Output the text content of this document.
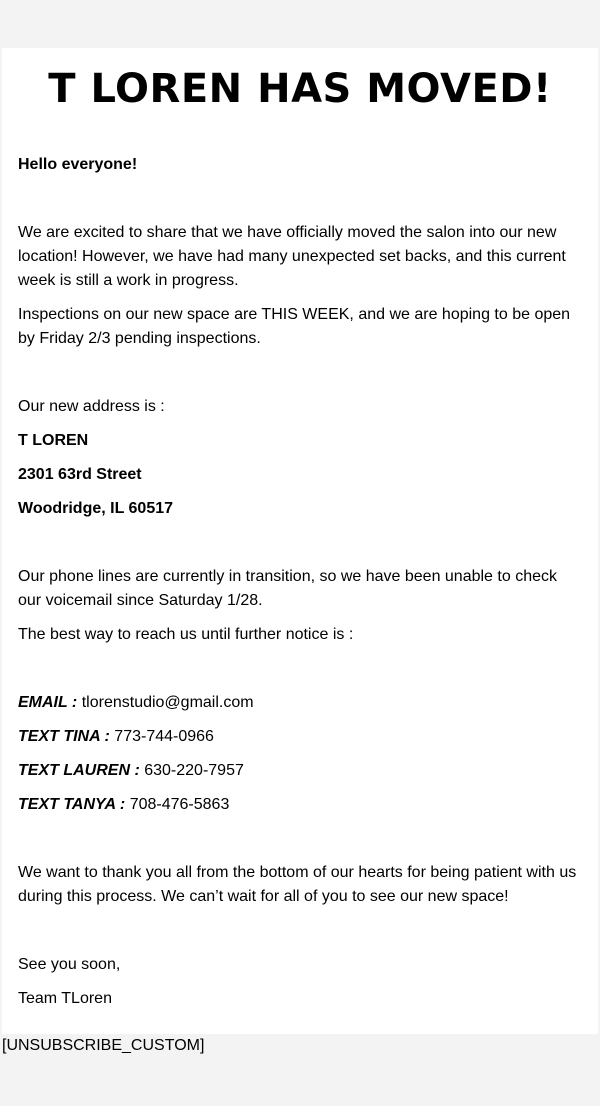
T LOREN HAS MOVED!

Hello everyone!

We are excited to share that we have officially moved the salon into our new location! However, we have had many unexpected set backs, and this current week is still a work in progress.

Inspections on our new space are THIS WEEK, and we are hoping to be open by Friday 2/3 pending inspections.

Our new address is :

T LOREN

2301 63rd Street

Woodridge, IL 60517

Our phone lines are currently in transition, so we have been unable to check our voicemail since Saturday 1/28.

The best way to reach us until further notice is :

EMAIL : tlorenstudio@gmail.com

TEXT TINA : 773-744-0966

TEXT LAUREN : 630-220-7957

TEXT TANYA : 708-476-5863

We want to thank you all from the bottom of our hearts for being patient with us during this process. We can’t wait for all of you to see our new space!

See you soon,

Team TLoren

[UNSUBSCRIBE_CUSTOM]
